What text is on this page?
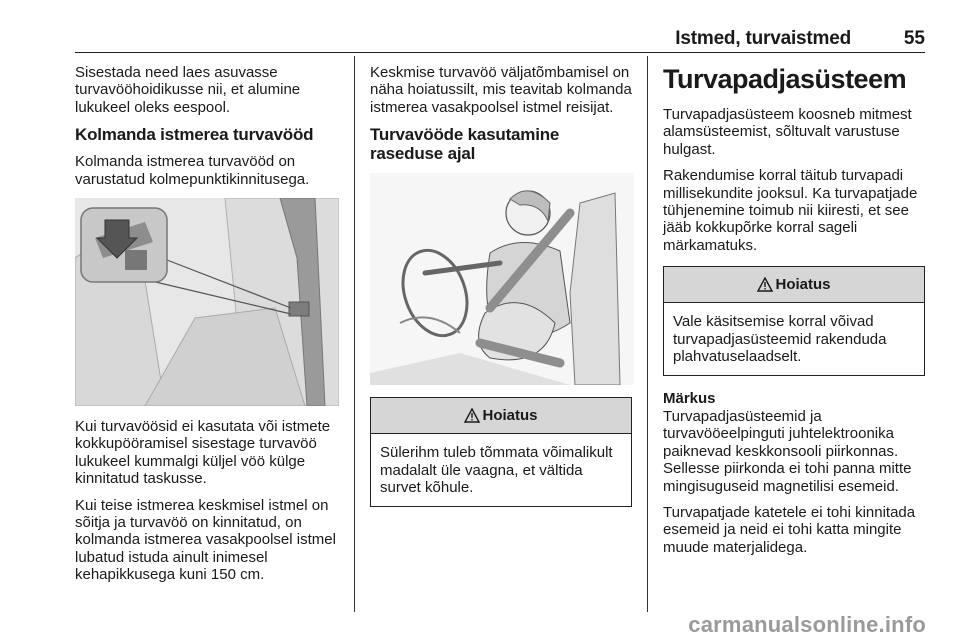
Istmed, turvaistmed	55

Sisestada need laes asuvasse turvavööhoidikusse nii, et alumine lukukeel oleks eespool.

Kolmanda istmerea turvavööd

Kolmanda istmerea turvavööd on varustatud kolmepunktikinnitusega.

Kui turvavöösid ei kasutata või istmete kokkupööramisel sisestage turvavöö lukukeel kummalgi küljel vöö külge kinnitatud taskusse.

Kui teise istmerea keskmisel istmel on sõitja ja turvavöö on kinnitatud, on kolmanda istmerea vasakpoolsel istmel lubatud istuda ainult inimesel kehapikkusega kuni 150 cm.

Keskmise turvavöö väljatõmbamisel on näha hoiatussilt, mis teavitab kolmanda istmerea vasakpoolsel istmel reisijat.

Turvavööde kasutamine raseduse ajal
Hoiatus

Sülerihm tuleb tõmmata võimalikult madalalt üle vaagna, et vältida survet kõhule.

Turvapadjasüsteem

Turvapadjasüsteem koosneb mitmest alamsüsteemist, sõltuvalt varustuse hulgast.

Rakendumise korral täitub turvapadi millisekundite jooksul. Ka turvapatjade tühjenemine toimub nii kiiresti, et see jääb kokkupõrke korral sageli märkamatuks.

Hoiatus

Vale käsitsemise korral võivad turvapadjasüsteemid rakenduda plahvatuselaadselt.

Märkus

Turvapadjasüsteemid ja turvavööeelpinguti juhtelektroonika paiknevad keskkonsooli piirkonnas. Sellesse piirkonda ei tohi panna mitte mingisuguseid magnetilisi esemeid.

Turvapatjade katetele ei tohi kinnitada esemeid ja neid ei tohi katta mingite muude materjalidega.

carmanualsonline.info
